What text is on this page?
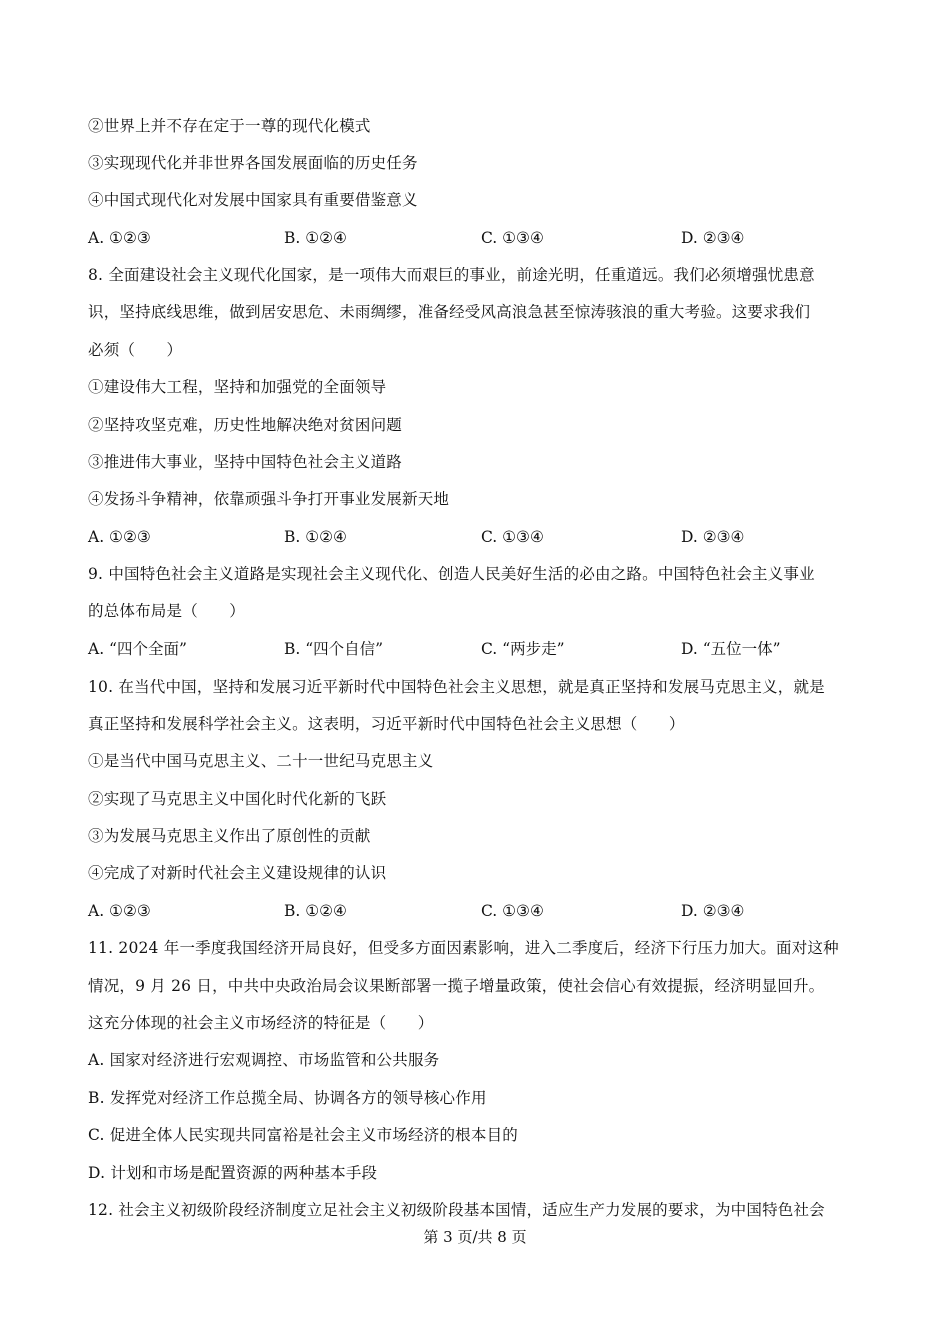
②世界上并不存在定于一尊的现代化模式
③实现现代化并非世界各国发展面临的历史任务
④中国式现代化对发展中国家具有重要借鉴意义
A. ①②③	B. ①②④	C. ①③④	D. ②③④
8. 全面建设社会主义现代化国家，是一项伟大而艰巨的事业，前途光明，任重道远。我们必须增强忧患意
识，坚持底线思维，做到居安思危、未雨绸缪，准备经受风高浪急甚至惊涛骇浪的重大考验。这要求我们
必须（　　）
①建设伟大工程，坚持和加强党的全面领导
②坚持攻坚克难，历史性地解决绝对贫困问题
③推进伟大事业，坚持中国特色社会主义道路
④发扬斗争精神，依靠顽强斗争打开事业发展新天地
A. ①②③	B. ①②④	C. ①③④	D. ②③④
9. 中国特色社会主义道路是实现社会主义现代化、创造人民美好生活的必由之路。中国特色社会主义事业
的总体布局是（　　）
A. “四个全面”	B. “四个自信”	C. “两步走”	D. “五位一体”
10. 在当代中国，坚持和发展习近平新时代中国特色社会主义思想，就是真正坚持和发展马克思主义，就是
真正坚持和发展科学社会主义。这表明，习近平新时代中国特色社会主义思想（　　）
①是当代中国马克思主义、二十一世纪马克思主义
②实现了马克思主义中国化时代化新的飞跃
③为发展马克思主义作出了原创性的贡献
④完成了对新时代社会主义建设规律的认识
A. ①②③	B. ①②④	C. ①③④	D. ②③④
11. 2024 年一季度我国经济开局良好，但受多方面因素影响，进入二季度后，经济下行压力加大。面对这种
情况，9 月 26 日，中共中央政治局会议果断部署一揽子增量政策，使社会信心有效提振，经济明显回升。
这充分体现的社会主义市场经济的特征是（　　）
A. 国家对经济进行宏观调控、市场监管和公共服务
B. 发挥党对经济工作总揽全局、协调各方的领导核心作用
C. 促进全体人民实现共同富裕是社会主义市场经济的根本目的
D. 计划和市场是配置资源的两种基本手段
12. 社会主义初级阶段经济制度立足社会主义初级阶段基本国情，适应生产力发展的要求，为中国特色社会
第 3 页/共 8 页
